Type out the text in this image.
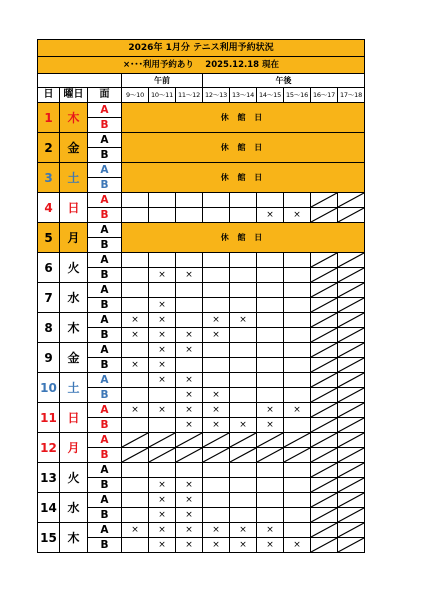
2026年 1月分 テニス利用予約状況											
×･･･利用予約あり　 2025.12.18 現在											
			午前			午後					
日	曜日	面	9～10	10～11	11～12	12～13	13～14	14～15	15～16	16～17	17～18
1	木	A	休 館 日								
		B									
2	金	A	休 館 日								
		B									
3	土	A	休 館 日								
		B									
4	日	A								

		B						×	×	

5	月	A	休 館 日								
		B									
6	火	A								

		B		×	×					

7	水	A								

		B		×						

8	木	A	×	×		×	×			

		B	×	×	×	×				

9	金	A		×	×					

		B	×	×						

10	土	A		×	×					

		B			×	×				

11	日	A	×	×	×	×		×	×	

		B			×	×	×	×		

12	月	A	

		B	

13	火	A								

		B		×	×					

14	水	A		×	×					

		B		×	×					

15	木	A	×	×	×	×	×	×		

		B		×	×	×	×	×	×	
